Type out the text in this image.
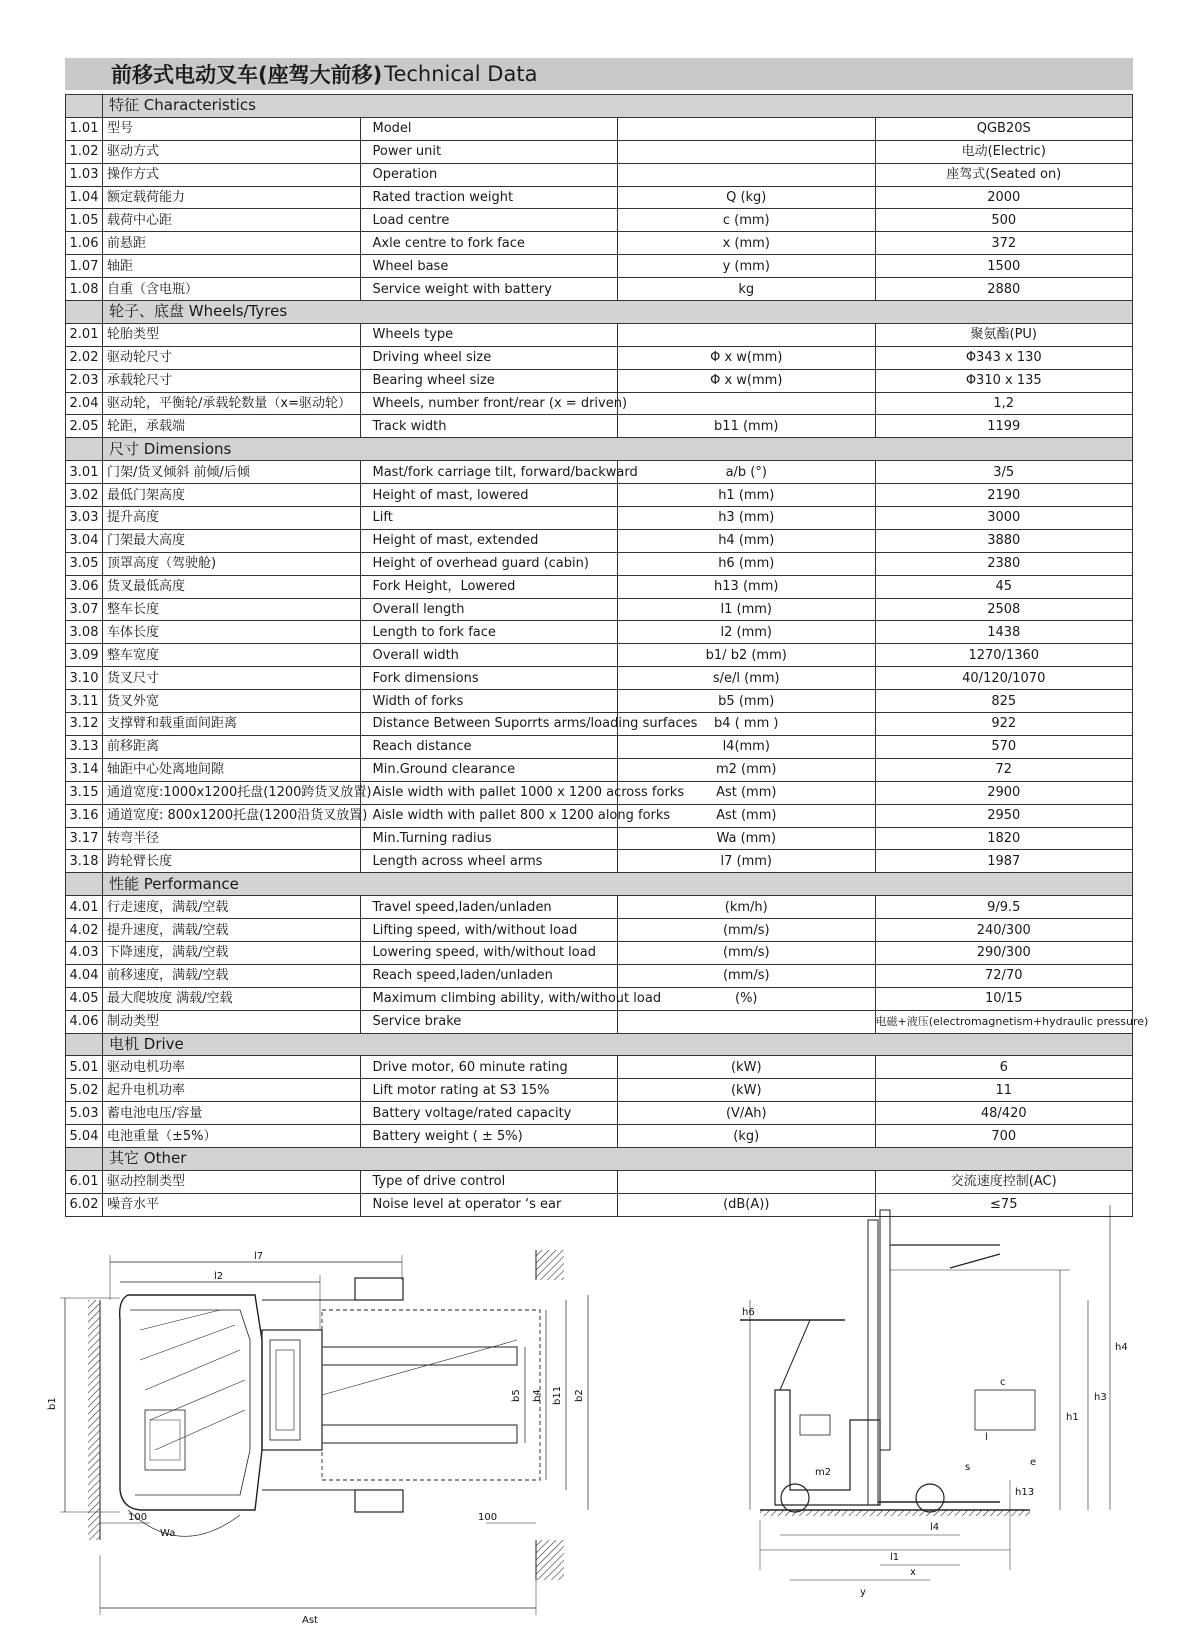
前移式电动叉车(座驾大前移) Technical Data
	特征 Characteristics			
1.01	型号	Model		QGB20S
1.02	驱动方式	Power unit		电动(Electric)
1.03	操作方式	Operation		座驾式(Seated on)
1.04	额定载荷能力	Rated traction weight	Q (kg)	2000
1.05	载荷中心距	Load centre	c (mm)	500
1.06	前悬距	Axle centre to fork face	x (mm)	372
1.07	轴距	Wheel base	y (mm)	1500
1.08	自重（含电瓶）	Service weight with battery	kg	2880
	轮子、底盘 Wheels/Tyres			
2.01	轮胎类型	Wheels type		聚氨酯(PU)
2.02	驱动轮尺寸	Driving wheel size	Φ x w(mm)	Φ343 x 130
2.03	承载轮尺寸	Bearing wheel size	Φ x w(mm)	Φ310 x 135
2.04	驱动轮，平衡轮/承载轮数量（x=驱动轮）	Wheels, number front/rear (x = driven)		1,2
2.05	轮距，承载端	Track width	b11 (mm)	1199
	尺寸 Dimensions			
3.01	门架/货叉倾斜 前倾/后倾	Mast/fork carriage tilt, forward/backward	a/b (°)	3/5
3.02	最低门架高度	Height of mast, lowered	h1 (mm)	2190
3.03	提升高度	Lift	h3 (mm)	3000
3.04	门架最大高度	Height of mast, extended	h4 (mm)	3880
3.05	顶罩高度（驾驶舱)	Height of overhead guard (cabin)	h6 (mm)	2380
3.06	货叉最低高度	Fork Height，Lowered	h13 (mm)	45
3.07	整车长度	Overall length	l1 (mm)	2508
3.08	车体长度	Length to fork face	l2 (mm)	1438
3.09	整车宽度	Overall width	b1/ b2 (mm)	1270/1360
3.10	货叉尺寸	Fork dimensions	s/e/l (mm)	40/120/1070
3.11	货叉外宽	Width of forks	b5 (mm)	825
3.12	支撑臂和载重面间距离	Distance Between Suporrts arms/loading surfaces	b4 ( mm )	922
3.13	前移距离	Reach distance	l4(mm)	570
3.14	轴距中心处离地间隙	Min.Ground clearance	m2 (mm)	72
3.15	通道宽度:1000x1200托盘(1200跨货叉放置)	Aisle width with pallet 1000 x 1200 across forks	Ast (mm)	2900
3.16	通道宽度: 800x1200托盘(1200沿货叉放置)	Aisle width with pallet 800 x 1200 along forks	Ast (mm)	2950
3.17	转弯半径	Min.Turning radius	Wa (mm)	1820
3.18	跨轮臂长度	Length across wheel arms	l7 (mm)	1987
	性能 Performance			
4.01	行走速度，满载/空载	Travel speed,laden/unladen	(km/h)	9/9.5
4.02	提升速度，满载/空载	Lifting speed, with/without load	(mm/s)	240/300
4.03	下降速度，满载/空载	Lowering speed, with/without load	(mm/s)	290/300
4.04	前移速度，满载/空载	Reach speed,laden/unladen	(mm/s)	72/70
4.05	最大爬坡度 满载/空载	Maximum climbing ability, with/without load	(%)	10/15
4.06	制动类型	Service brake		电磁+液压(electromagnetism+hydraulic pressure)
	电机 Drive			
5.01	驱动电机功率	Drive motor, 60 minute rating	(kW)	6
5.02	起升电机功率	Lift motor rating at S3 15%	(kW)	11
5.03	蓄电池电压/容量	Battery voltage/rated capacity	(V/Ah)	48/420
5.04	电池重量（±5%）	Battery weight ( ± 5%)	(kg)	700
	其它 Other			
6.01	驱动控制类型	Type of drive control		交流速度控制(AC)
6.02	噪音水平	Noise level at operator ‘s ear	(dB(A))	≤75
l7
l2
b1
b5 b4 b11 b2
Wa
Ast
100	100
h6
h4
h3
h1
c
l1
l4
x
y
m2
h13
l
s	e
